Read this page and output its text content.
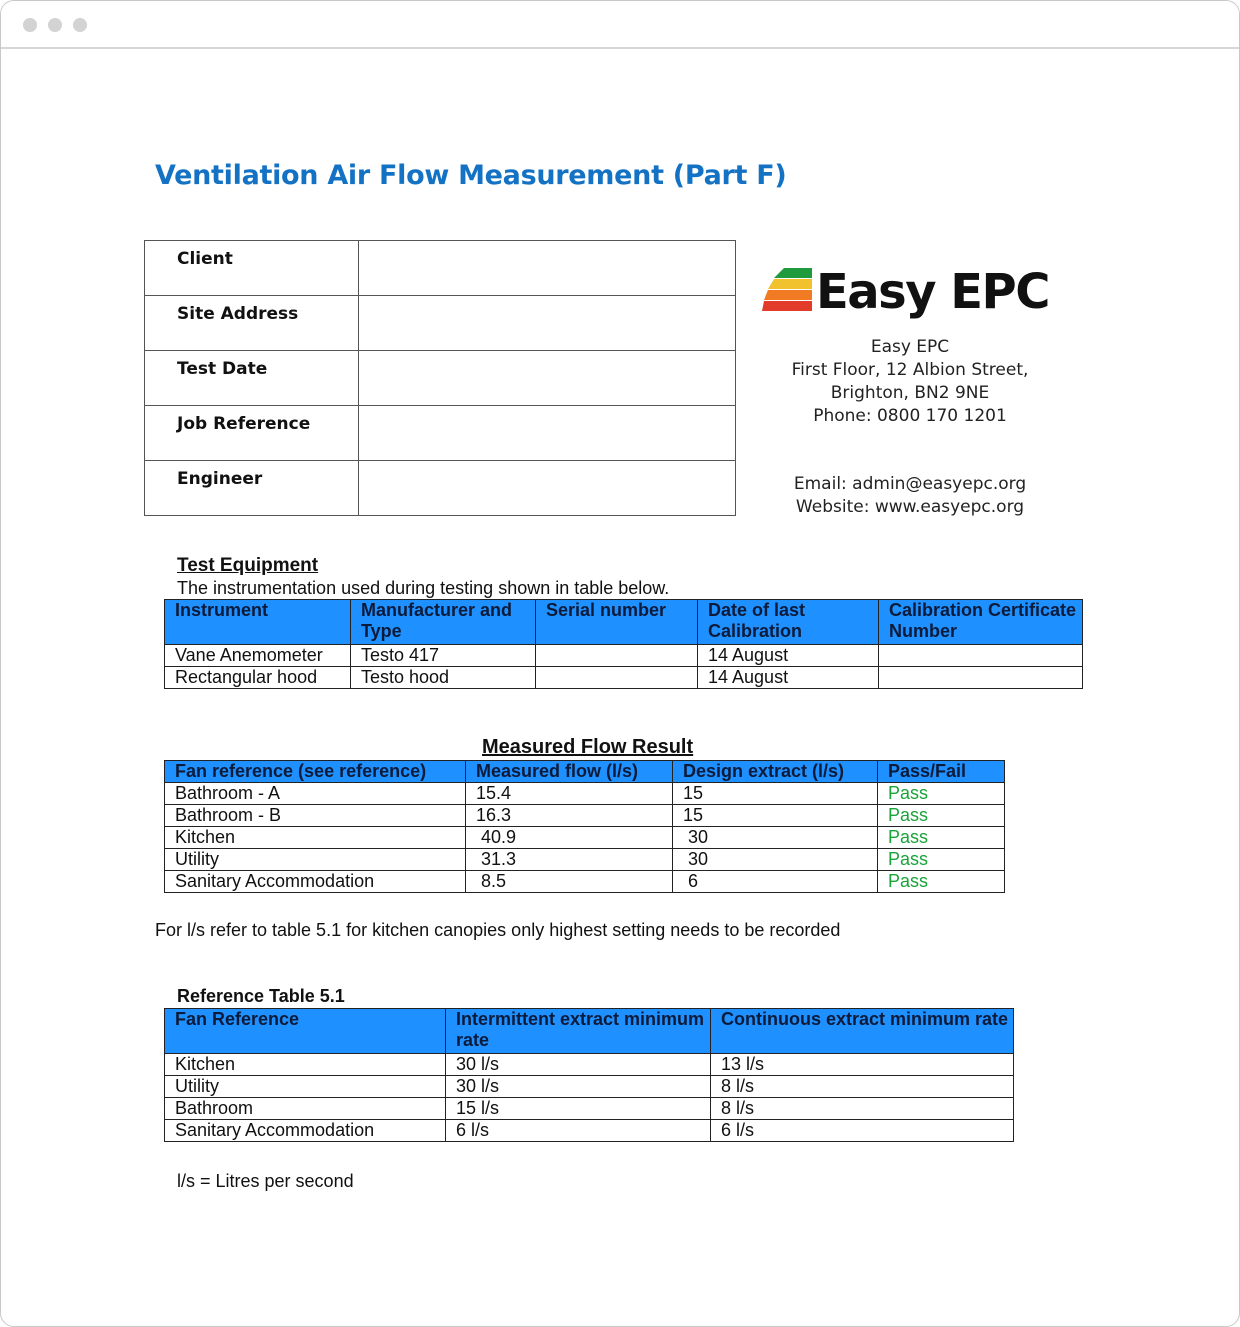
Ventilation Air Flow Measurement (Part F)
Client	
Site Address	
Test Date	
Job Reference	
Engineer	
Easy EPC
Easy EPC
First Floor, 12 Albion Street,
Brighton, BN2 9NE
Phone: 0800 170 1201
Email: admin@easyepc.org
Website: www.easyepc.org
Test Equipment
The instrumentation used during testing shown in table below.
Instrument	Manufacturer and Type	Serial number	Date of last Calibration	Calibration Certificate Number
Vane Anemometer	Testo 417		14 August	
Rectangular hood	Testo hood		14 August	
Measured Flow Result
Fan reference (see reference)	Measured flow (l/s)	Design extract (l/s)	Pass/Fail
Bathroom - A	15.4	15	Pass
Bathroom - B	16.3	15	Pass
Kitchen	40.9	30	Pass
Utility	31.3	30	Pass
Sanitary Accommodation	8.5	6	Pass
For l/s refer to table 5.1 for kitchen canopies only highest setting needs to be recorded
Reference Table 5.1
Fan Reference	Intermittent extract minimum rate	Continuous extract minimum rate
Kitchen	30 l/s	13 l/s
Utility	30 l/s	8 l/s
Bathroom	15 l/s	8 l/s
Sanitary Accommodation	6 l/s	6 l/s
l/s = Litres per second
